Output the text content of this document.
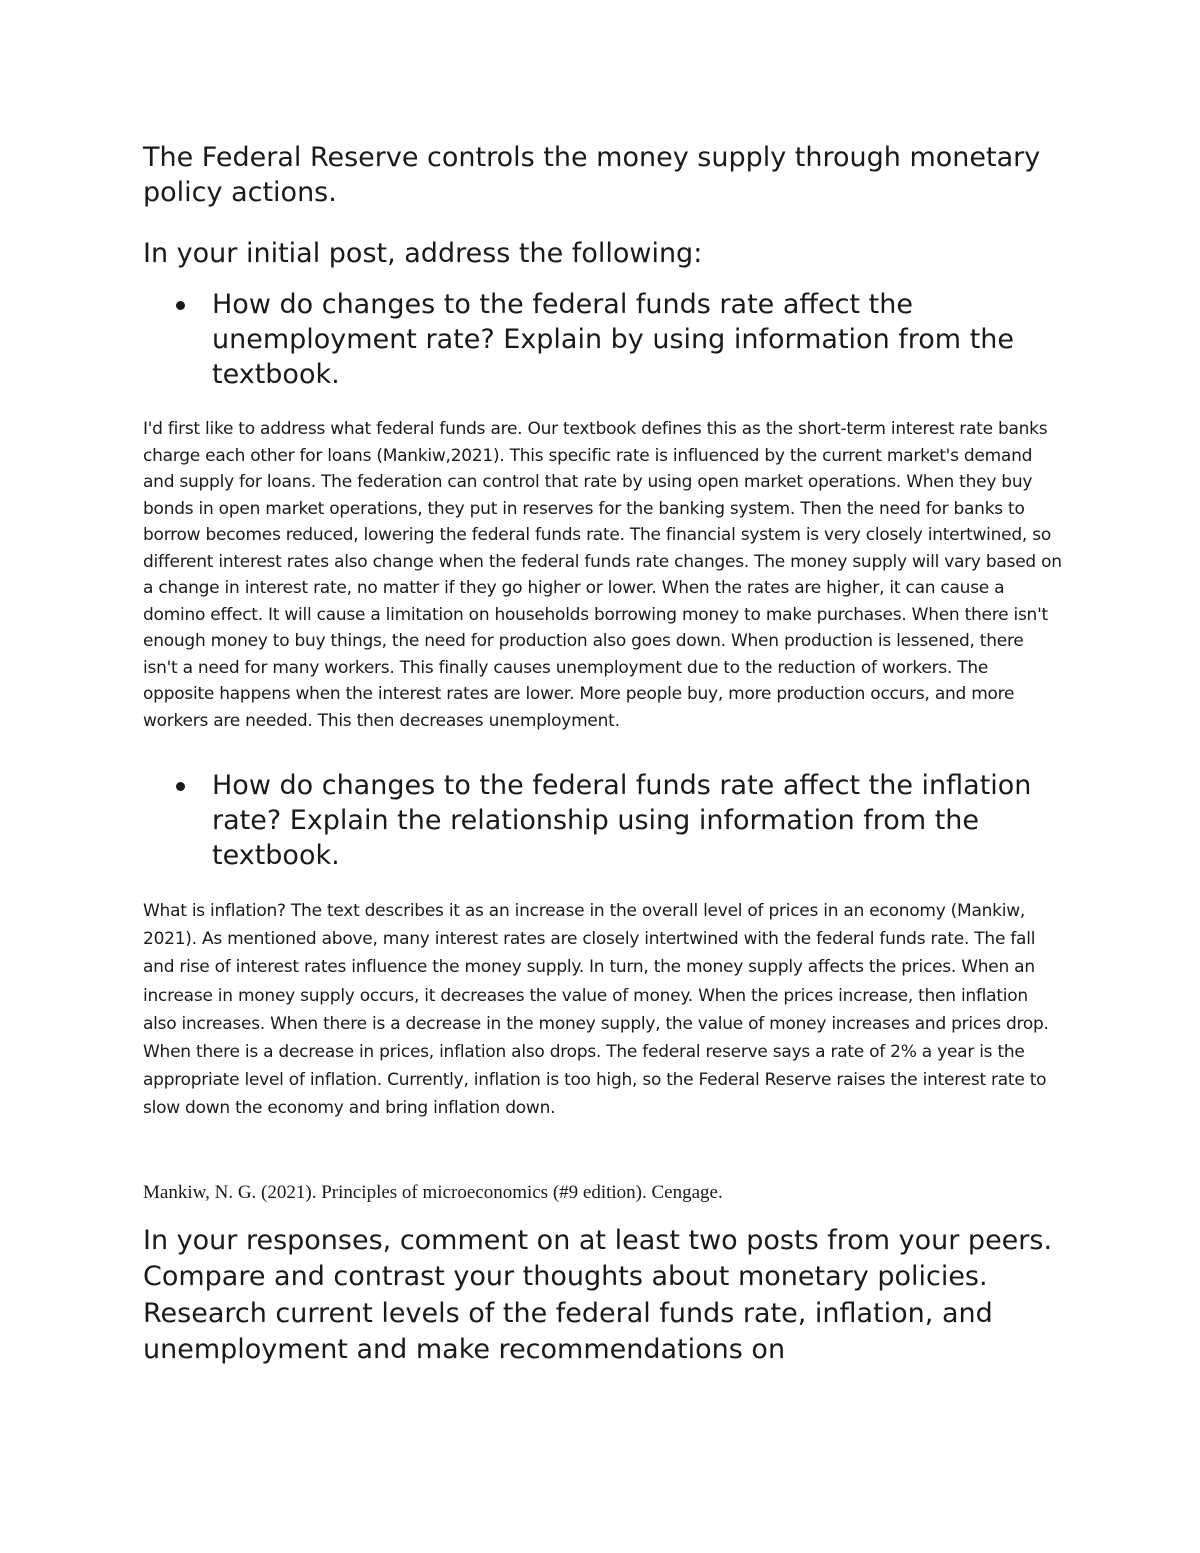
The Federal Reserve controls the money supply through monetary policy actions.

In your initial post, address the following:

How do changes to the federal funds rate affect the unemployment rate? Explain by using information from the textbook.

I'd first like to address what federal funds are. Our textbook defines this as the short-term interest rate banks charge each other for loans (Mankiw,2021). This specific rate is influenced by the current market's demand and supply for loans. The federation can control that rate by using open market operations. When they buy bonds in open market operations, they put in reserves for the banking system. Then the need for banks to borrow becomes reduced, lowering the federal funds rate. The financial system is very closely intertwined, so different interest rates also change when the federal funds rate changes. The money supply will vary based on a change in interest rate, no matter if they go higher or lower. When the rates are higher, it can cause a domino effect. It will cause a limitation on households borrowing money to make purchases. When there isn't enough money to buy things, the need for production also goes down. When production is lessened, there isn't a need for many workers. This finally causes unemployment due to the reduction of workers. The opposite happens when the interest rates are lower. More people buy, more production occurs, and more workers are needed. This then decreases unemployment.

How do changes to the federal funds rate affect the inflation rate? Explain the relationship using information from the textbook.

What is inflation? The text describes it as an increase in the overall level of prices in an economy (Mankiw, 2021). As mentioned above, many interest rates are closely intertwined with the federal funds rate. The fall and rise of interest rates influence the money supply. In turn, the money supply affects the prices. When an increase in money supply occurs, it decreases the value of money. When the prices increase, then inflation also increases. When there is a decrease in the money supply, the value of money increases and prices drop. When there is a decrease in prices, inflation also drops. The federal reserve says a rate of 2% a year is the appropriate level of inflation. Currently, inflation is too high, so the Federal Reserve raises the interest rate to slow down the economy and bring inflation down.

Mankiw, N. G. (2021). Principles of microeconomics (#9 edition). Cengage.

In your responses, comment on at least two posts from your peers. Compare and contrast your thoughts about monetary policies. Research current levels of the federal funds rate, inflation, and unemployment and make recommendations on
